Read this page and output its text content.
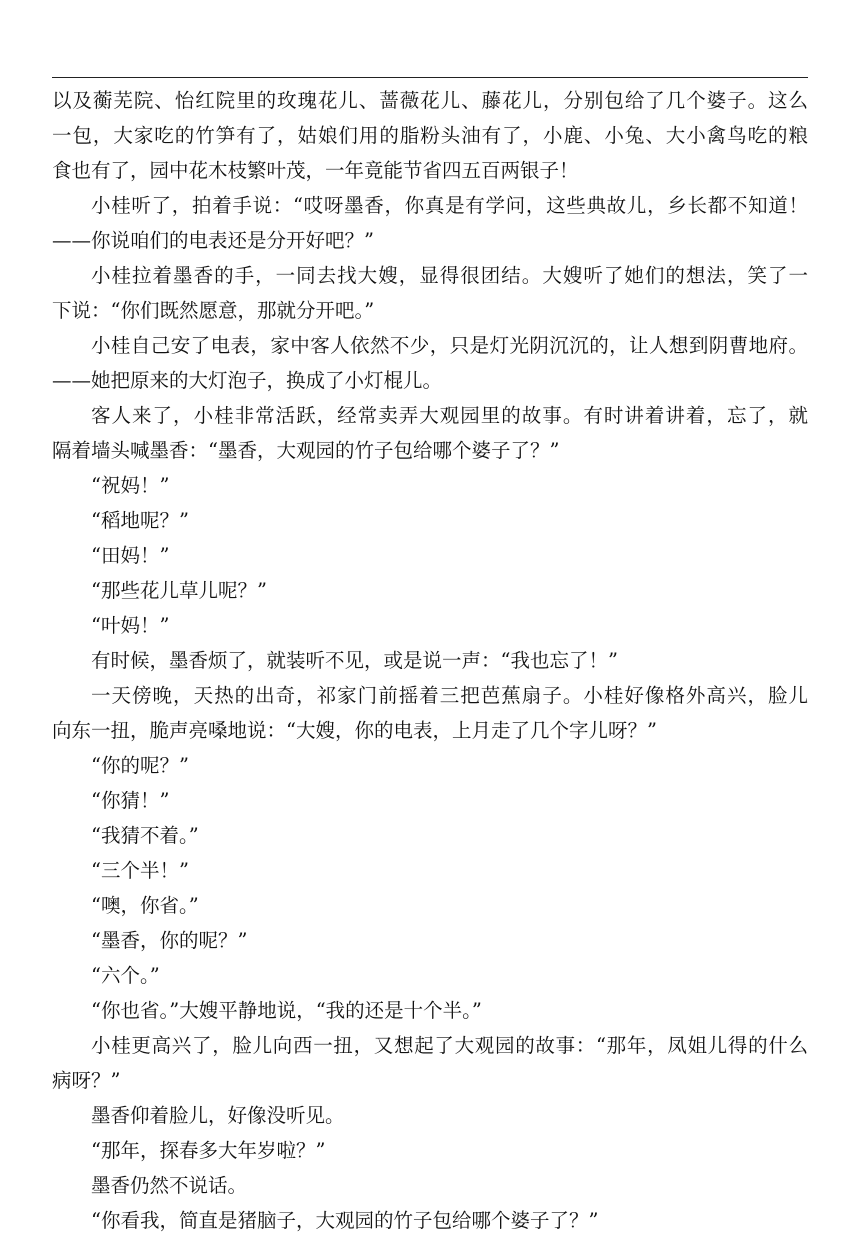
以及蘅芜院、怡红院里的玫瑰花儿、蔷薇花儿、藤花儿，分别包给了几个婆子。这么
一包，大家吃的竹笋有了，姑娘们用的脂粉头油有了，小鹿、小兔、大小禽鸟吃的粮
食也有了，园中花木枝繁叶茂，一年竟能节省四五百两银子！
小桂听了，拍着手说：“哎呀墨香，你真是有学问，这些典故儿，乡长都不知道！
——你说咱们的电表还是分开好吧？”
小桂拉着墨香的手，一同去找大嫂，显得很团结。大嫂听了她们的想法，笑了一
下说：“你们既然愿意，那就分开吧。”
小桂自己安了电表，家中客人依然不少，只是灯光阴沉沉的，让人想到阴曹地府。
——她把原来的大灯泡子，换成了小灯棍儿。
客人来了，小桂非常活跃，经常卖弄大观园里的故事。有时讲着讲着，忘了，就
隔着墙头喊墨香：“墨香，大观园的竹子包给哪个婆子了？”
“祝妈！”
“稻地呢？”
“田妈！”
“那些花儿草儿呢？”
“叶妈！”
有时候，墨香烦了，就装听不见，或是说一声：“我也忘了！”
一天傍晚，天热的出奇，祁家门前摇着三把芭蕉扇子。小桂好像格外高兴，脸儿
向东一扭，脆声亮嗓地说：“大嫂，你的电表，上月走了几个字儿呀？”
“你的呢？”
“你猜！”
“我猜不着。”
“三个半！”
“噢，你省。”
“墨香，你的呢？”
“六个。”
“你也省。”大嫂平静地说，“我的还是十个半。”
小桂更高兴了，脸儿向西一扭，又想起了大观园的故事：“那年，凤姐儿得的什么
病呀？”
墨香仰着脸儿，好像没听见。
“那年，探春多大年岁啦？”
墨香仍然不说话。
“你看我，简直是猪脑子，大观园的竹子包给哪个婆子了？”
